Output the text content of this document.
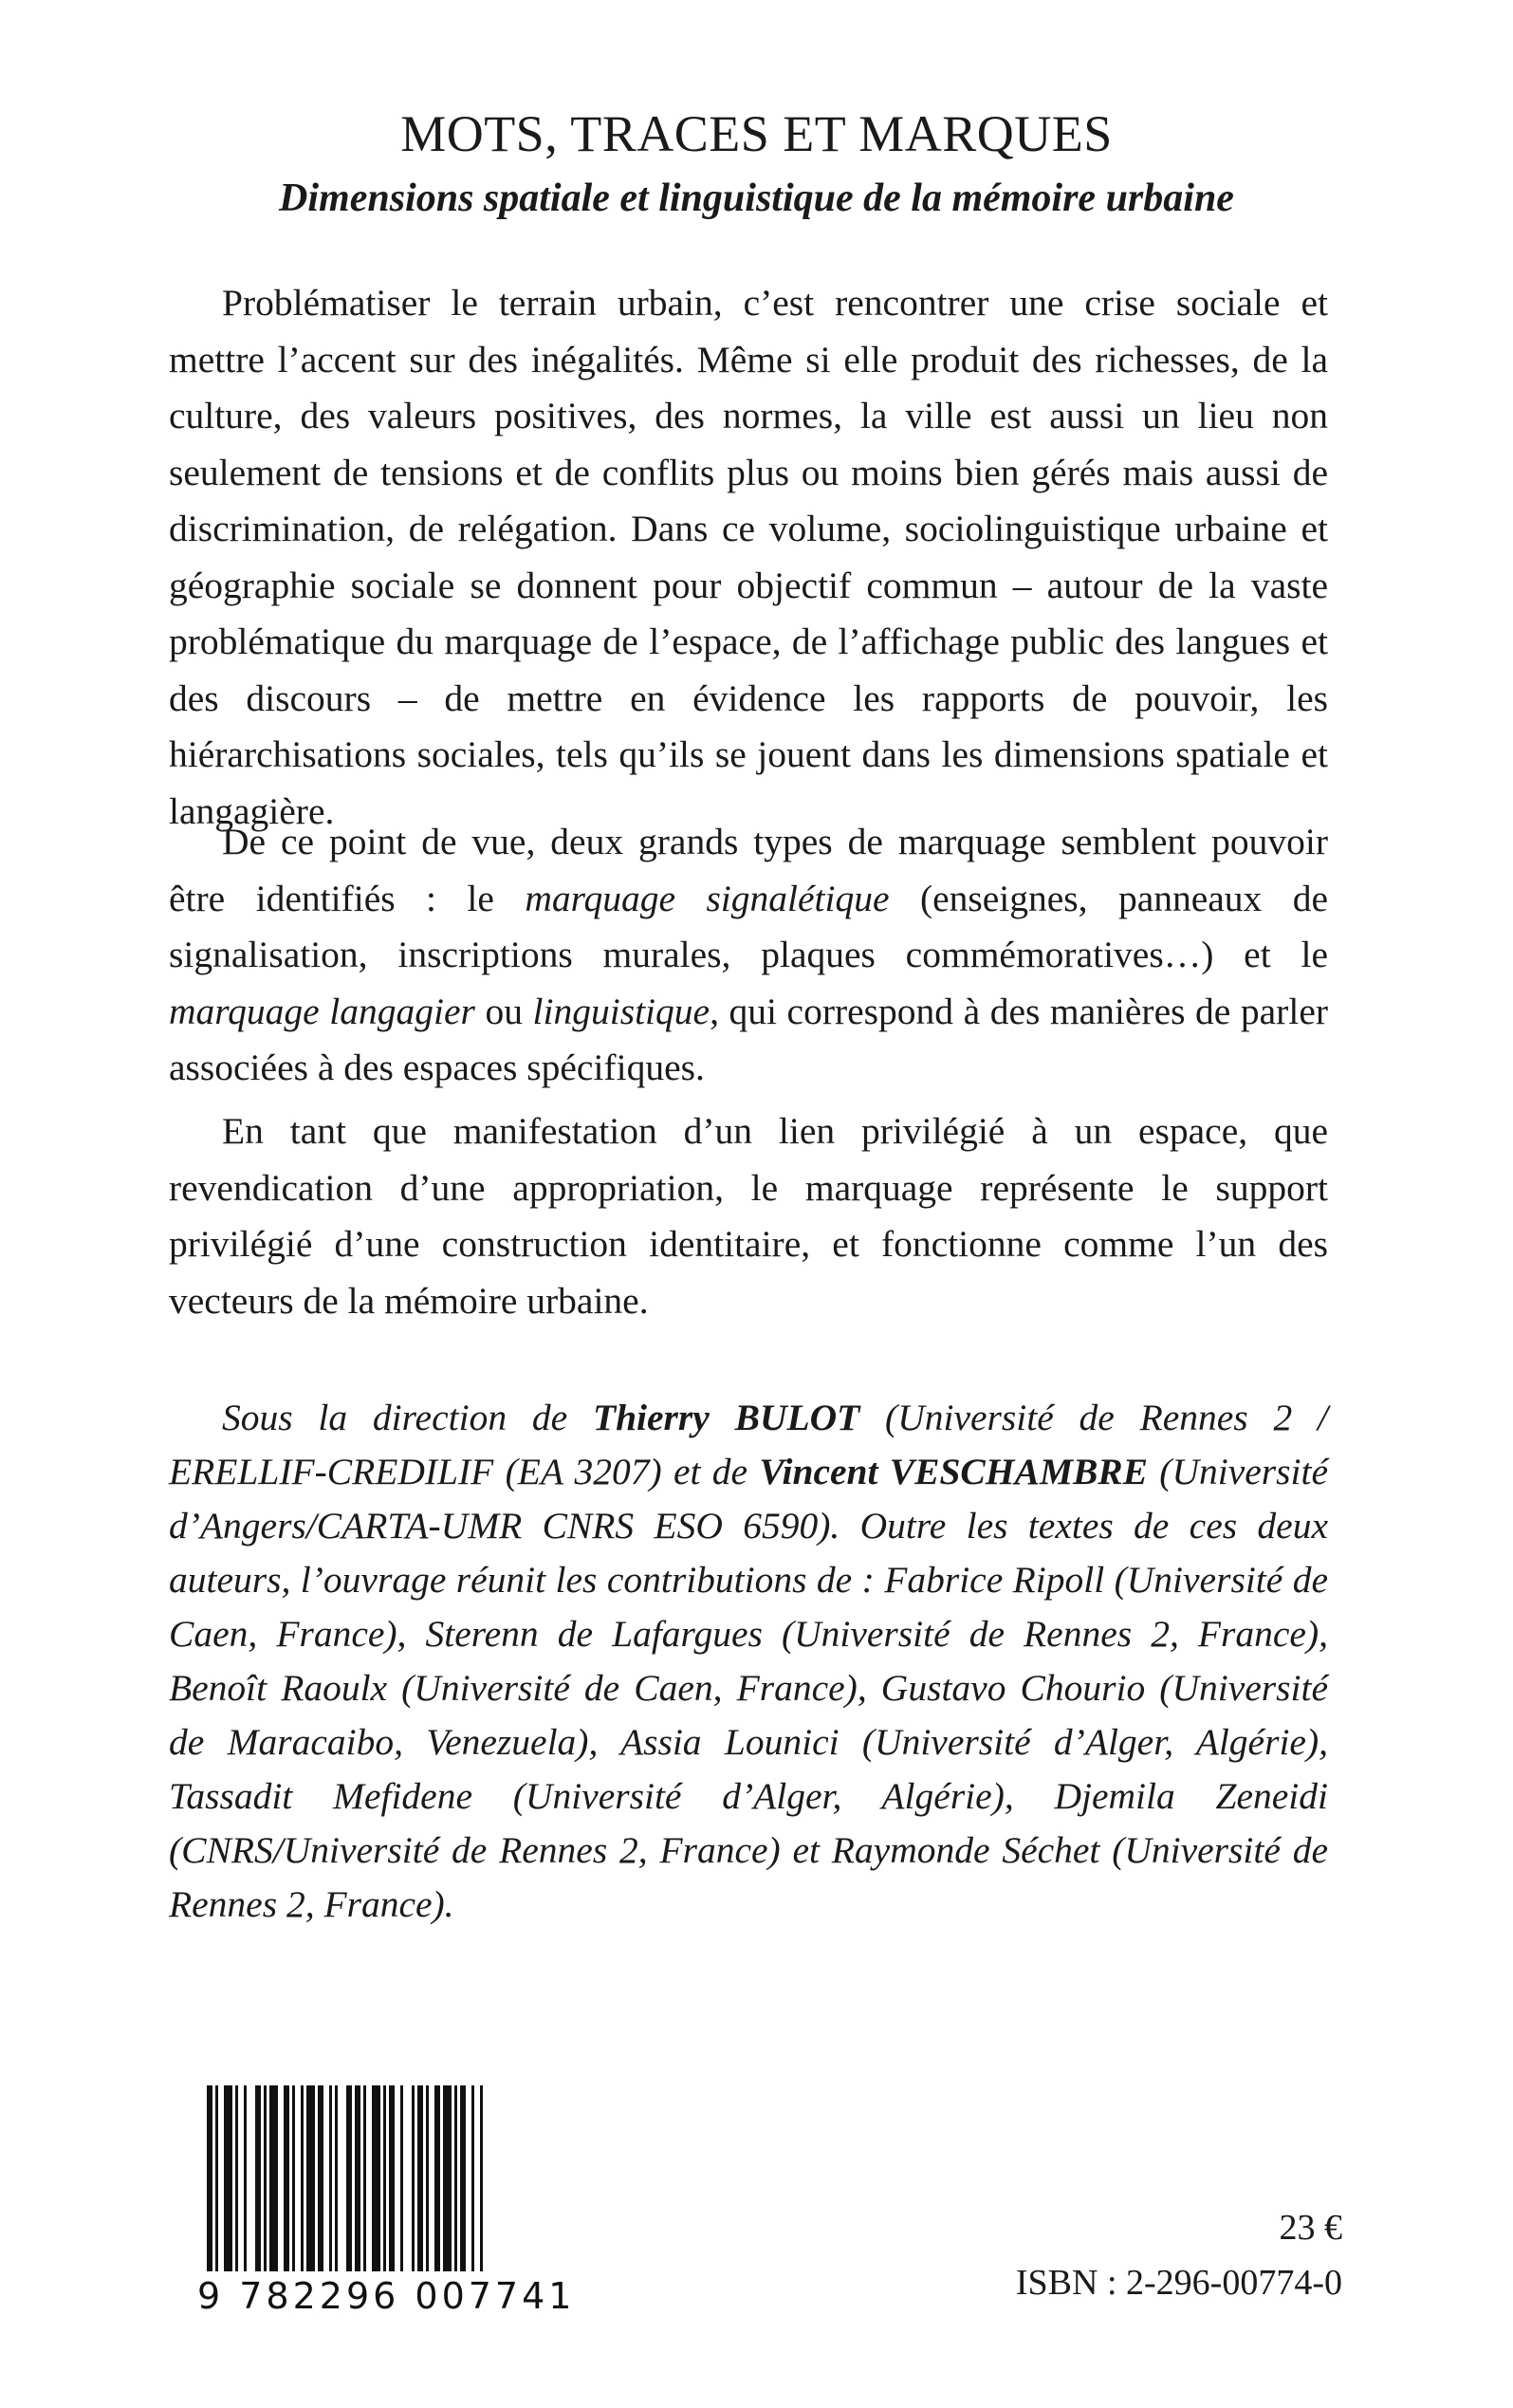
MOTS, TRACES ET MARQUES
Dimensions spatiale et linguistique de la mémoire urbaine

Problématiser le terrain urbain, c’est rencontrer une crise sociale et mettre l’accent sur des inégalités. Même si elle produit des richesses, de la culture, des valeurs positives, des normes, la ville est aussi un lieu non seulement de tensions et de conflits plus ou moins bien gérés mais aussi de discrimination, de relégation. Dans ce volume, sociolinguistique urbaine et géographie sociale se donnent pour objectif commun – autour de la vaste problématique du marquage de l’espace, de l’affichage public des langues et des discours – de mettre en évidence les rapports de pouvoir, les hiérarchisations sociales, tels qu’ils se jouent dans les dimensions spatiale et langagière.

De ce point de vue, deux grands types de marquage semblent pouvoir être identifiés : le marquage signalétique (enseignes, panneaux de signalisation, inscriptions murales, plaques commémoratives…) et le marquage langagier ou linguistique, qui correspond à des manières de parler associées à des espaces spécifiques.

En tant que manifestation d’un lien privilégié à un espace, que revendication d’une appropriation, le marquage représente le support privilégié d’une construction identitaire, et fonctionne comme l’un des vecteurs de la mémoire urbaine.

Sous la direction de Thierry BULOT (Université de Rennes 2 / ERELLIF-CREDILIF (EA 3207) et de Vincent VESCHAMBRE (Université d’Angers/CARTA-UMR CNRS ESO 6590). Outre les textes de ces deux auteurs, l’ouvrage réunit les contributions de : Fabrice Ripoll (Université de Caen, France), Sterenn de Lafargues (Université de Rennes 2, France), Benoît Raoulx (Université de Caen, France), Gustavo Chourio (Université de Maracaibo, Venezuela), Assia Lounici (Université d’Alger, Algérie), Tassadit Mefidene (Université d’Alger, Algérie), Djemila Zeneidi (CNRS/Université de Rennes 2, France) et Raymonde Séchet (Université de Rennes 2, France).

9 782296 007741

23 €

ISBN : 2-296-00774-0
